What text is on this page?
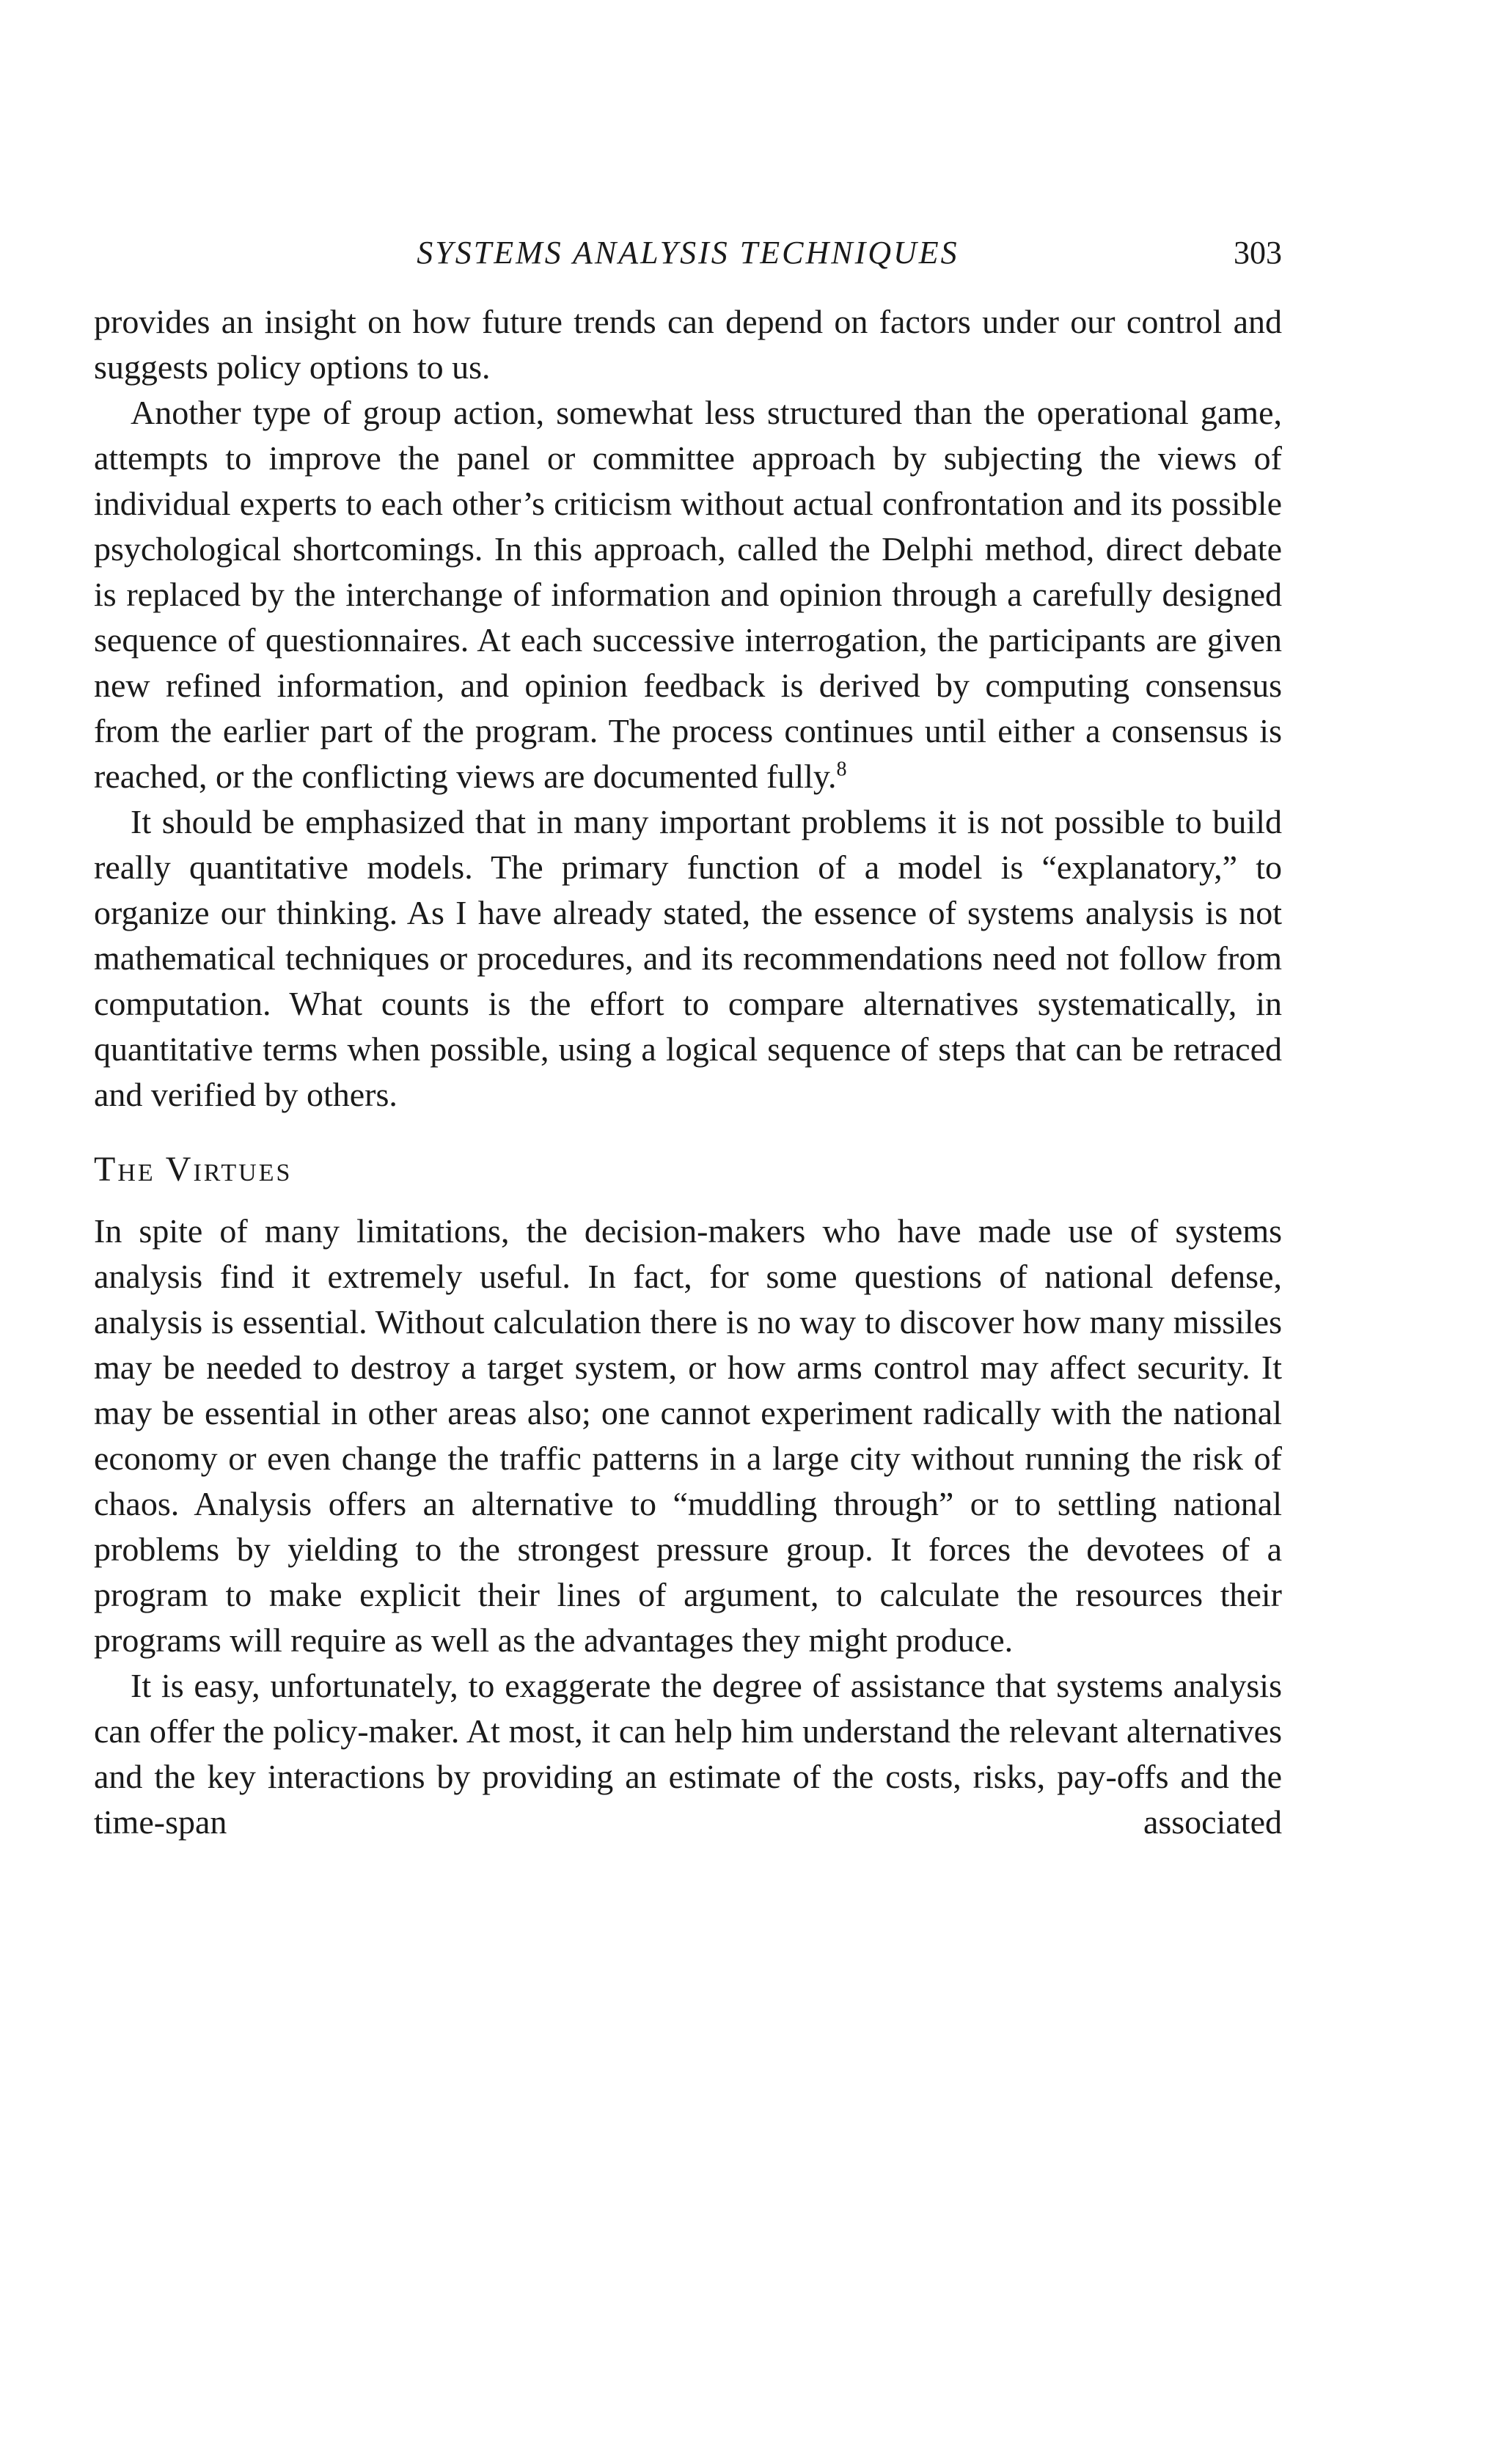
SYSTEMS ANALYSIS TECHNIQUES	303

provides an insight on how future trends can depend on factors under our control and suggests policy options to us.

Another type of group action, somewhat less structured than the operational game, attempts to improve the panel or committee approach by subjecting the views of individual experts to each other’s criticism without actual confrontation and its possible psychological shortcomings. In this approach, called the Delphi method, direct debate is replaced by the interchange of information and opinion through a carefully designed sequence of questionnaires. At each successive interrogation, the participants are given new refined information, and opinion feedback is derived by computing consensus from the earlier part of the program. The process continues until either a consensus is reached, or the conflicting views are documented fully.$^8$

It should be emphasized that in many important problems it is not possible to build really quantitative models. The primary function of a model is “explanatory,” to organize our thinking. As I have already stated, the essence of systems analysis is not mathematical techniques or procedures, and its recommendations need not follow from computation. What counts is the effort to compare alternatives systematically, in quantitative terms when possible, using a logical sequence of steps that can be retraced and verified by others.

The Virtues

In spite of many limitations, the decision-makers who have made use of systems analysis find it extremely useful. In fact, for some questions of national defense, analysis is essential. Without calculation there is no way to discover how many missiles may be needed to destroy a target system, or how arms control may affect security. It may be essential in other areas also; one cannot experiment radically with the national economy or even change the traffic patterns in a large city without running the risk of chaos. Analysis offers an alternative to “muddling through” or to settling national problems by yielding to the strongest pressure group. It forces the devotees of a program to make explicit their lines of argument, to calculate the resources their programs will require as well as the advantages they might produce.

It is easy, unfortunately, to exaggerate the degree of assistance that systems analysis can offer the policy-maker. At most, it can help him understand the relevant alternatives and the key interactions by providing an estimate of the costs, risks, pay-offs and the time-span associated
